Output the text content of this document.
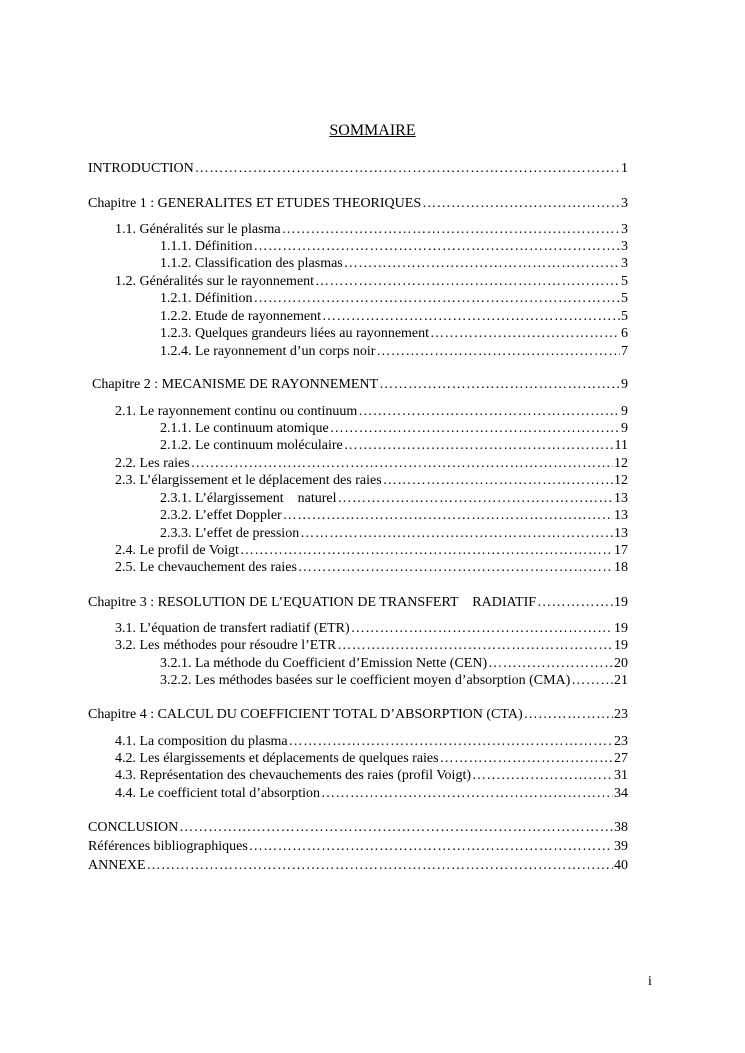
SOMMAIRE
INTRODUCTION ……………………………………………………………………………………………………………………………………………………	1
Chapitre 1 : GENERALITES ET ETUDES THEORIQUES ……………………………………………………………………………………………………………………………………………………	3
1.1. Généralités sur le plasma ……………………………………………………………………………………………………………………………………………………	3
1.1.1. Définition ……………………………………………………………………………………………………………………………………………………	3
1.1.2. Classification des plasmas ……………………………………………………………………………………………………………………………………………………	3
1.2. Généralités sur le rayonnement ……………………………………………………………………………………………………………………………………………………	5
1.2.1. Définition ……………………………………………………………………………………………………………………………………………………	5
1.2.2. Etude de rayonnement ……………………………………………………………………………………………………………………………………………………	5
1.2.3. Quelques grandeurs liées au rayonnement ……………………………………………………………………………………………………………………………………………………	6
1.2.4. Le rayonnement d’un corps noir ……………………………………………………………………………………………………………………………………………………	7
Chapitre 2 : MECANISME DE RAYONNEMENT ……………………………………………………………………………………………………………………………………………………	9
2.1. Le rayonnement continu ou continuum ……………………………………………………………………………………………………………………………………………………	9
2.1.1. Le continuum atomique ……………………………………………………………………………………………………………………………………………………	9
2.1.2. Le continuum moléculaire ……………………………………………………………………………………………………………………………………………………	11
2.2. Les raies ……………………………………………………………………………………………………………………………………………………	12
2.3. L’élargissement et le déplacement des raies ……………………………………………………………………………………………………………………………………………………	12
2.3.1. L’élargissement    naturel ……………………………………………………………………………………………………………………………………………………	13
2.3.2. L’effet Doppler ……………………………………………………………………………………………………………………………………………………	13
2.3.3. L’effet de pression ……………………………………………………………………………………………………………………………………………………	13
2.4. Le profil de Voigt ……………………………………………………………………………………………………………………………………………………	17
2.5. Le chevauchement des raies ……………………………………………………………………………………………………………………………………………………	18
Chapitre 3 : RESOLUTION DE L’EQUATION DE TRANSFERT    RADIATIF ……………………………………………………………………………………………………………………………………………………	19
3.1. L’équation de transfert radiatif (ETR) ……………………………………………………………………………………………………………………………………………………	19
3.2. Les méthodes pour résoudre l’ETR ……………………………………………………………………………………………………………………………………………………	19
3.2.1. La méthode du Coefficient d’Emission Nette (CEN) ……………………………………………………………………………………………………………………………………………………	20
3.2.2. Les méthodes basées sur le coefficient moyen d’absorption (CMA) ……………………………………………………………………………………………………………………………………………………	21
Chapitre 4 : CALCUL DU COEFFICIENT TOTAL D’ABSORPTION (CTA) ……………………………………………………………………………………………………………………………………………………	23
4.1. La composition du plasma ……………………………………………………………………………………………………………………………………………………	23
4.2. Les élargissements et déplacements de quelques raies ……………………………………………………………………………………………………………………………………………………	27
4.3. Représentation des chevauchements des raies (profil Voigt) ……………………………………………………………………………………………………………………………………………………	31
4.4. Le coefficient total d’absorption ……………………………………………………………………………………………………………………………………………………	34
CONCLUSION ……………………………………………………………………………………………………………………………………………………	38
Références bibliographiques ……………………………………………………………………………………………………………………………………………………	39
ANNEXE ……………………………………………………………………………………………………………………………………………………	40
i
